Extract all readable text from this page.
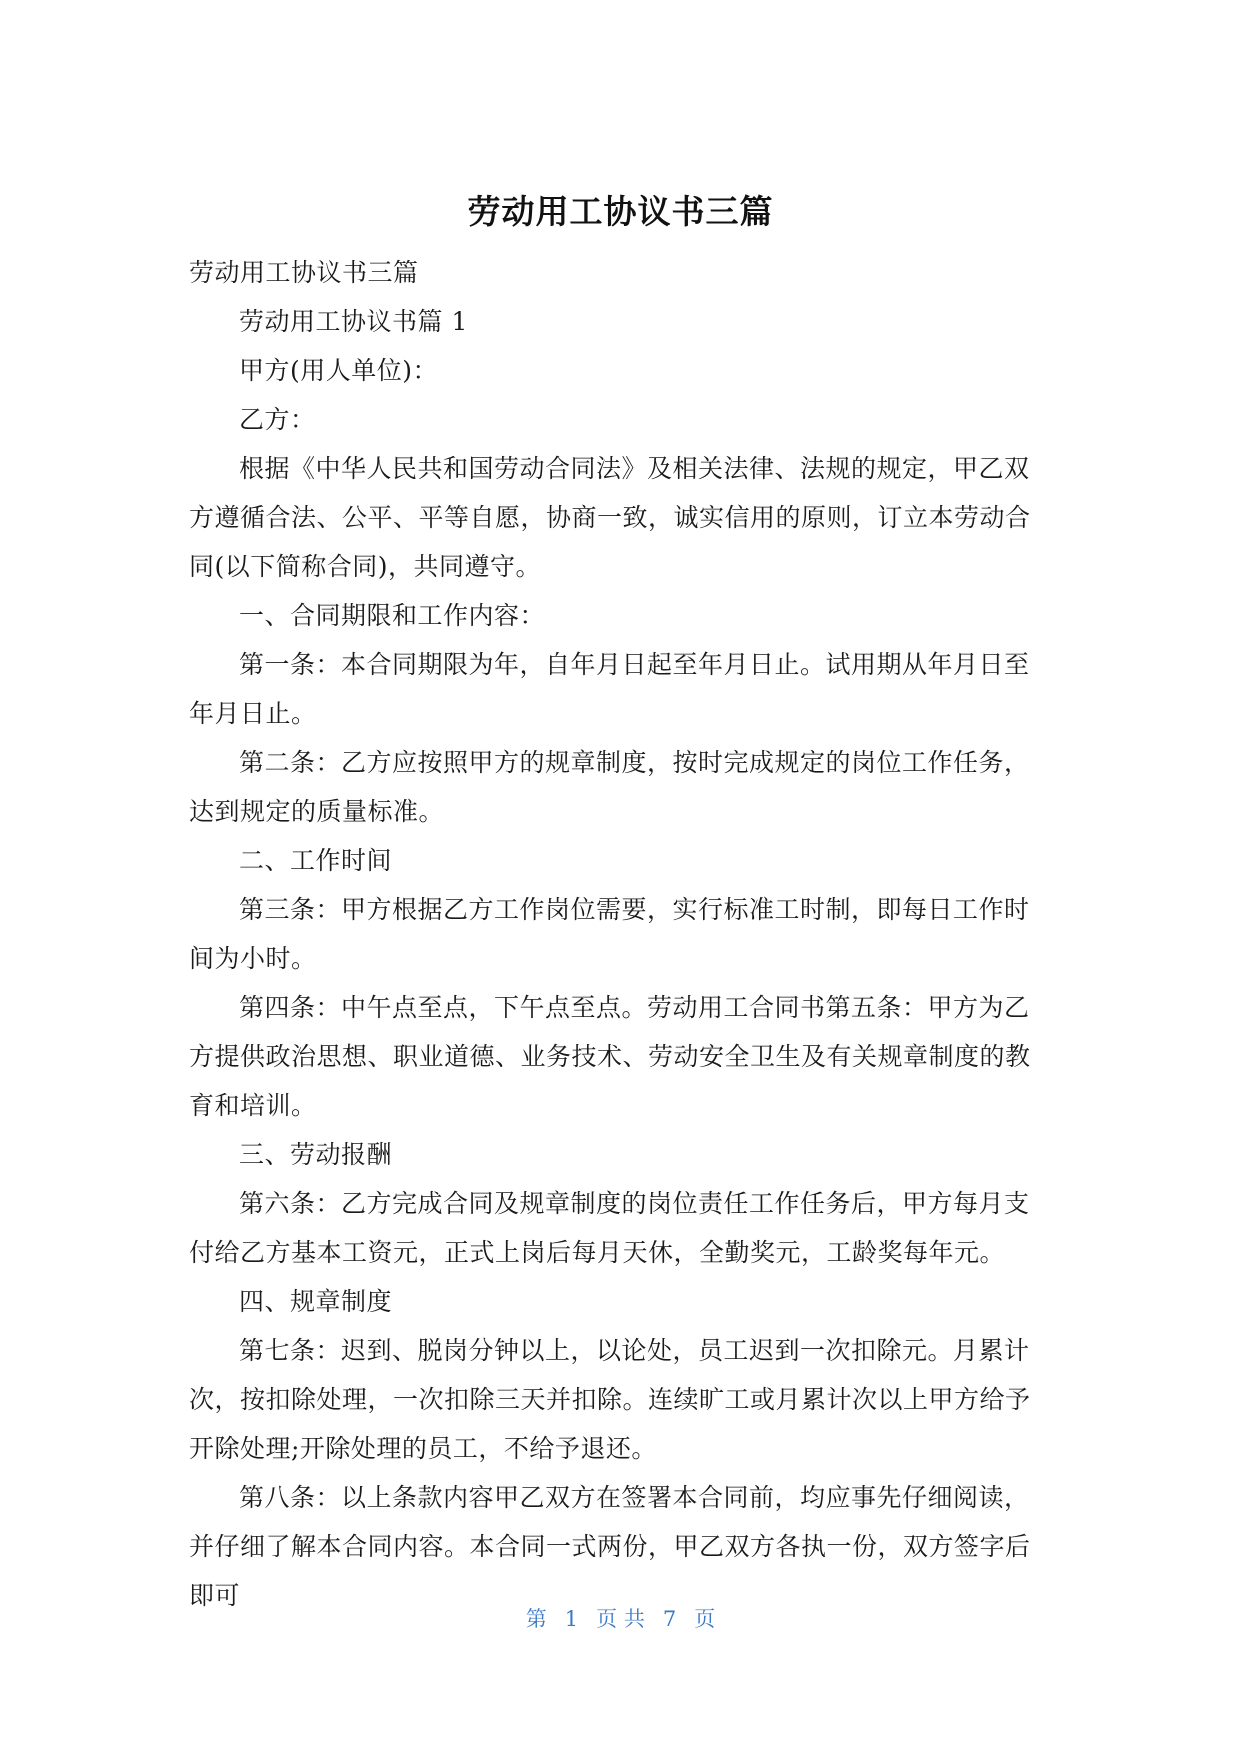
劳动用工协议书三篇

劳动用工协议书三篇

劳动用工协议书篇 1

甲方(用人单位)：

乙方：

根据《中华人民共和国劳动合同法》及相关法律、法规的规定，甲乙双方遵循合法、公平、平等自愿，协商一致，诚实信用的原则，订立本劳动合同(以下简称合同)，共同遵守。

一、合同期限和工作内容：

第一条：本合同期限为年，自年月日起至年月日止。试用期从年月日至年月日止。

第二条：乙方应按照甲方的规章制度，按时完成规定的岗位工作任务，达到规定的质量标准。

二、工作时间

第三条：甲方根据乙方工作岗位需要，实行标准工时制，即每日工作时间为小时。

第四条：中午点至点，下午点至点。劳动用工合同书第五条：甲方为乙方提供政治思想、职业道德、业务技术、劳动安全卫生及有关规章制度的教育和培训。

三、劳动报酬

第六条：乙方完成合同及规章制度的岗位责任工作任务后，甲方每月支付给乙方基本工资元，正式上岗后每月天休，全勤奖元，工龄奖每年元。

四、规章制度

第七条：迟到、脱岗分钟以上，以论处，员工迟到一次扣除元。月累计次，按扣除处理，一次扣除三天并扣除。连续旷工或月累计次以上甲方给予开除处理;开除处理的员工，不给予退还。

第八条：以上条款内容甲乙双方在签署本合同前，均应事先仔细阅读，并仔细了解本合同内容。本合同一式两份，甲乙双方各执一份，双方签字后即可

第 1 页 共 7 页
